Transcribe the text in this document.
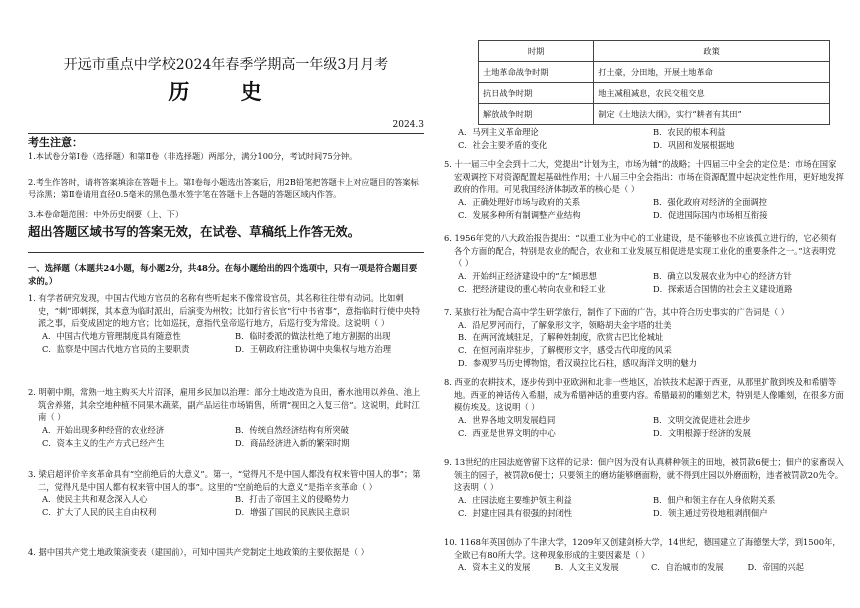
开远市重点中学校2024年春季学期高一年级3月月考
历 史
2024.3
考生注意：
1.本试卷分第Ⅰ卷（选择题）和第Ⅱ卷（非选择题）两部分，满分100分，考试时间75分钟。
2.考生作答时，请将答案填涂在答题卡上。第Ⅰ卷每小题选出答案后，用2B铅笔把答题卡上对应题目的答案标号涂黑；第Ⅱ卷请用直径0.5毫米的黑色墨水签字笔在答题卡上各题的答题区域内作答。
3.本卷命题范围：中外历史纲要（上、下）
超出答题区域书写的答案无效，在试卷、草稿纸上作答无效。
一、选择题（本题共24小题，每小题2分，共48分。在每小题给出的四个选项中，只有一项是符合题目要求的。）
1. 有学者研究发现，中国古代地方官员的名称有些听起来不像常设官员，其名称往往带有动词。比如刺史，“刺”即刺探，其本意为临时派出，后演变为州牧；比如行省长官“行中书省事”，意指临时行使中央特派之事，后变成固定的地方官；比如巡抚，意指代皇帝巡行地方，后巡行变为常设。这说明（ ）
A．中国古代地方管理制度具有随意性	B．临时委派的做法杜绝了地方割据的出现
C．监察是中国古代地方官员的主要职责	D．王朝政府注重协调中央集权与地方治理
2. 明朝中期，常熟一地主购买大片沼泽，雇用乡民加以治理：部分土地改造为良田，畜水池用以养鱼、池上筑舍养猪，其余空地种植不同果木蔬菜，副产品运往市场销售，所谓“视田之入复三倍”。这说明，此时江南（ ）
A．开始出现多种经营的农业经济	B．传统自然经济结构有所突破
C．资本主义的生产方式已经产生	D．商品经济进入新的繁荣时期
3. 梁启超评价辛亥革命具有“空前绝后的大意义”。第一，“觉得凡不是中国人都没有权来管中国人的事”；第二，觉得凡是中国人都有权来管中国人的事”。这里的“空前绝后的大意义”是指辛亥革命（ ）
A．使民主共和观念深入人心	B．打击了帝国主义的侵略势力
C．扩大了人民的民主自由权利	D．增强了国民的民族民主意识
4. 据中国共产党土地政策演变表（建国前），可知中国共产党制定土地政策的主要依据是（ ）
时期	政策
土地革命战争时期	打土豪，分田地，开展土地革命
抗日战争时期	地主减租减息，农民交租交息
解放战争时期	制定《土地法大纲》，实行“耕者有其田”
A．马列主义革命理论	B．农民的根本利益
C．社会主要矛盾的变化	D．巩固和发展根据地
5. 十一届三中全会到十二大，党提出“计划为主，市场为辅”的战略；十四届三中全会的定位是：市场在国家宏观调控下对资源配置起基础性作用；十八届三中全会指出：市场在资源配置中起决定性作用，更好地发挥政府的作用。可见我国经济体制改革的核心是（ ）
A．正确处理好市场与政府的关系	B．强化政府对经济的全面调控
C．发展多种所有制调整产业结构	D．促进国际国内市场相互衔接
6. 1956年党的八大政治报告提出：“以重工业为中心的工业建设，是不能够也不应该孤立进行的，它必须有各个方面的配合，特别是农业的配合，农业和工业发展互相促进是实现工业化的重要条件之一。”这表明党（ ）
A．开始纠正经济建设中的“左”倾思想	B．确立以发展农业为中心的经济方针
C．把经济建设的重心转向农业和轻工业	D．探索适合国情的社会主义建设道路
7. 某旅行社为配合高中学生研学旅行，制作了下面的广告，其中符合历史事实的广告词是（ ）
A．沿尼罗河而行，了解象形文字，领略胡夫金字塔的壮美
B．在两河流域驻足，了解种姓制度，欣赏古巴比伦城址
C．在恒河南岸驻步，了解楔形文字，感受古代印度的风采
D．参观罗马历史博物馆，看汉谟拉比石柱，感叹海洋文明的魅力
8. 西亚的农耕技术，逐步传到中亚欧洲和北非一些地区，冶铁技术起源于西亚，从那里扩散到埃及和希腊等地。西亚的神话传入希腊，成为希腊神话的重要内容。希腊最初的雕刻艺术，特别是人像雕刻，在很多方面模仿埃及。这说明（ ）
A．世界各地文明发展趋同	B．文明交流促进社会进步
C．西亚是世界文明的中心	D．文明根源于经济的发展
9. 13世纪的庄园法庭曾留下这样的记录：佃户因为没有认真耕种领主的田地，被罚款6便士；佃户的家畜误入领主的园子，被罚款6便士；只要领主的磨坊能够磨面粉，就不得到庄园以外磨面粉，违者被罚款20先令。这表明（ ）
A．庄园法庭主要维护领主利益	B．佃户和领主存在人身依附关系
C．封建庄园具有很强的封闭性	D．领主通过劳役地租剥削佃户
10. 1168年英国创办了牛津大学，1209年又创建剑桥大学，14世纪，德国建立了海德堡大学，到1500年，全欧已有80所大学。这种现象形成的主要因素是（ ）
A．资本主义的发展	B．人文主义发展	C．自治城市的发展	D．帝国的兴起
